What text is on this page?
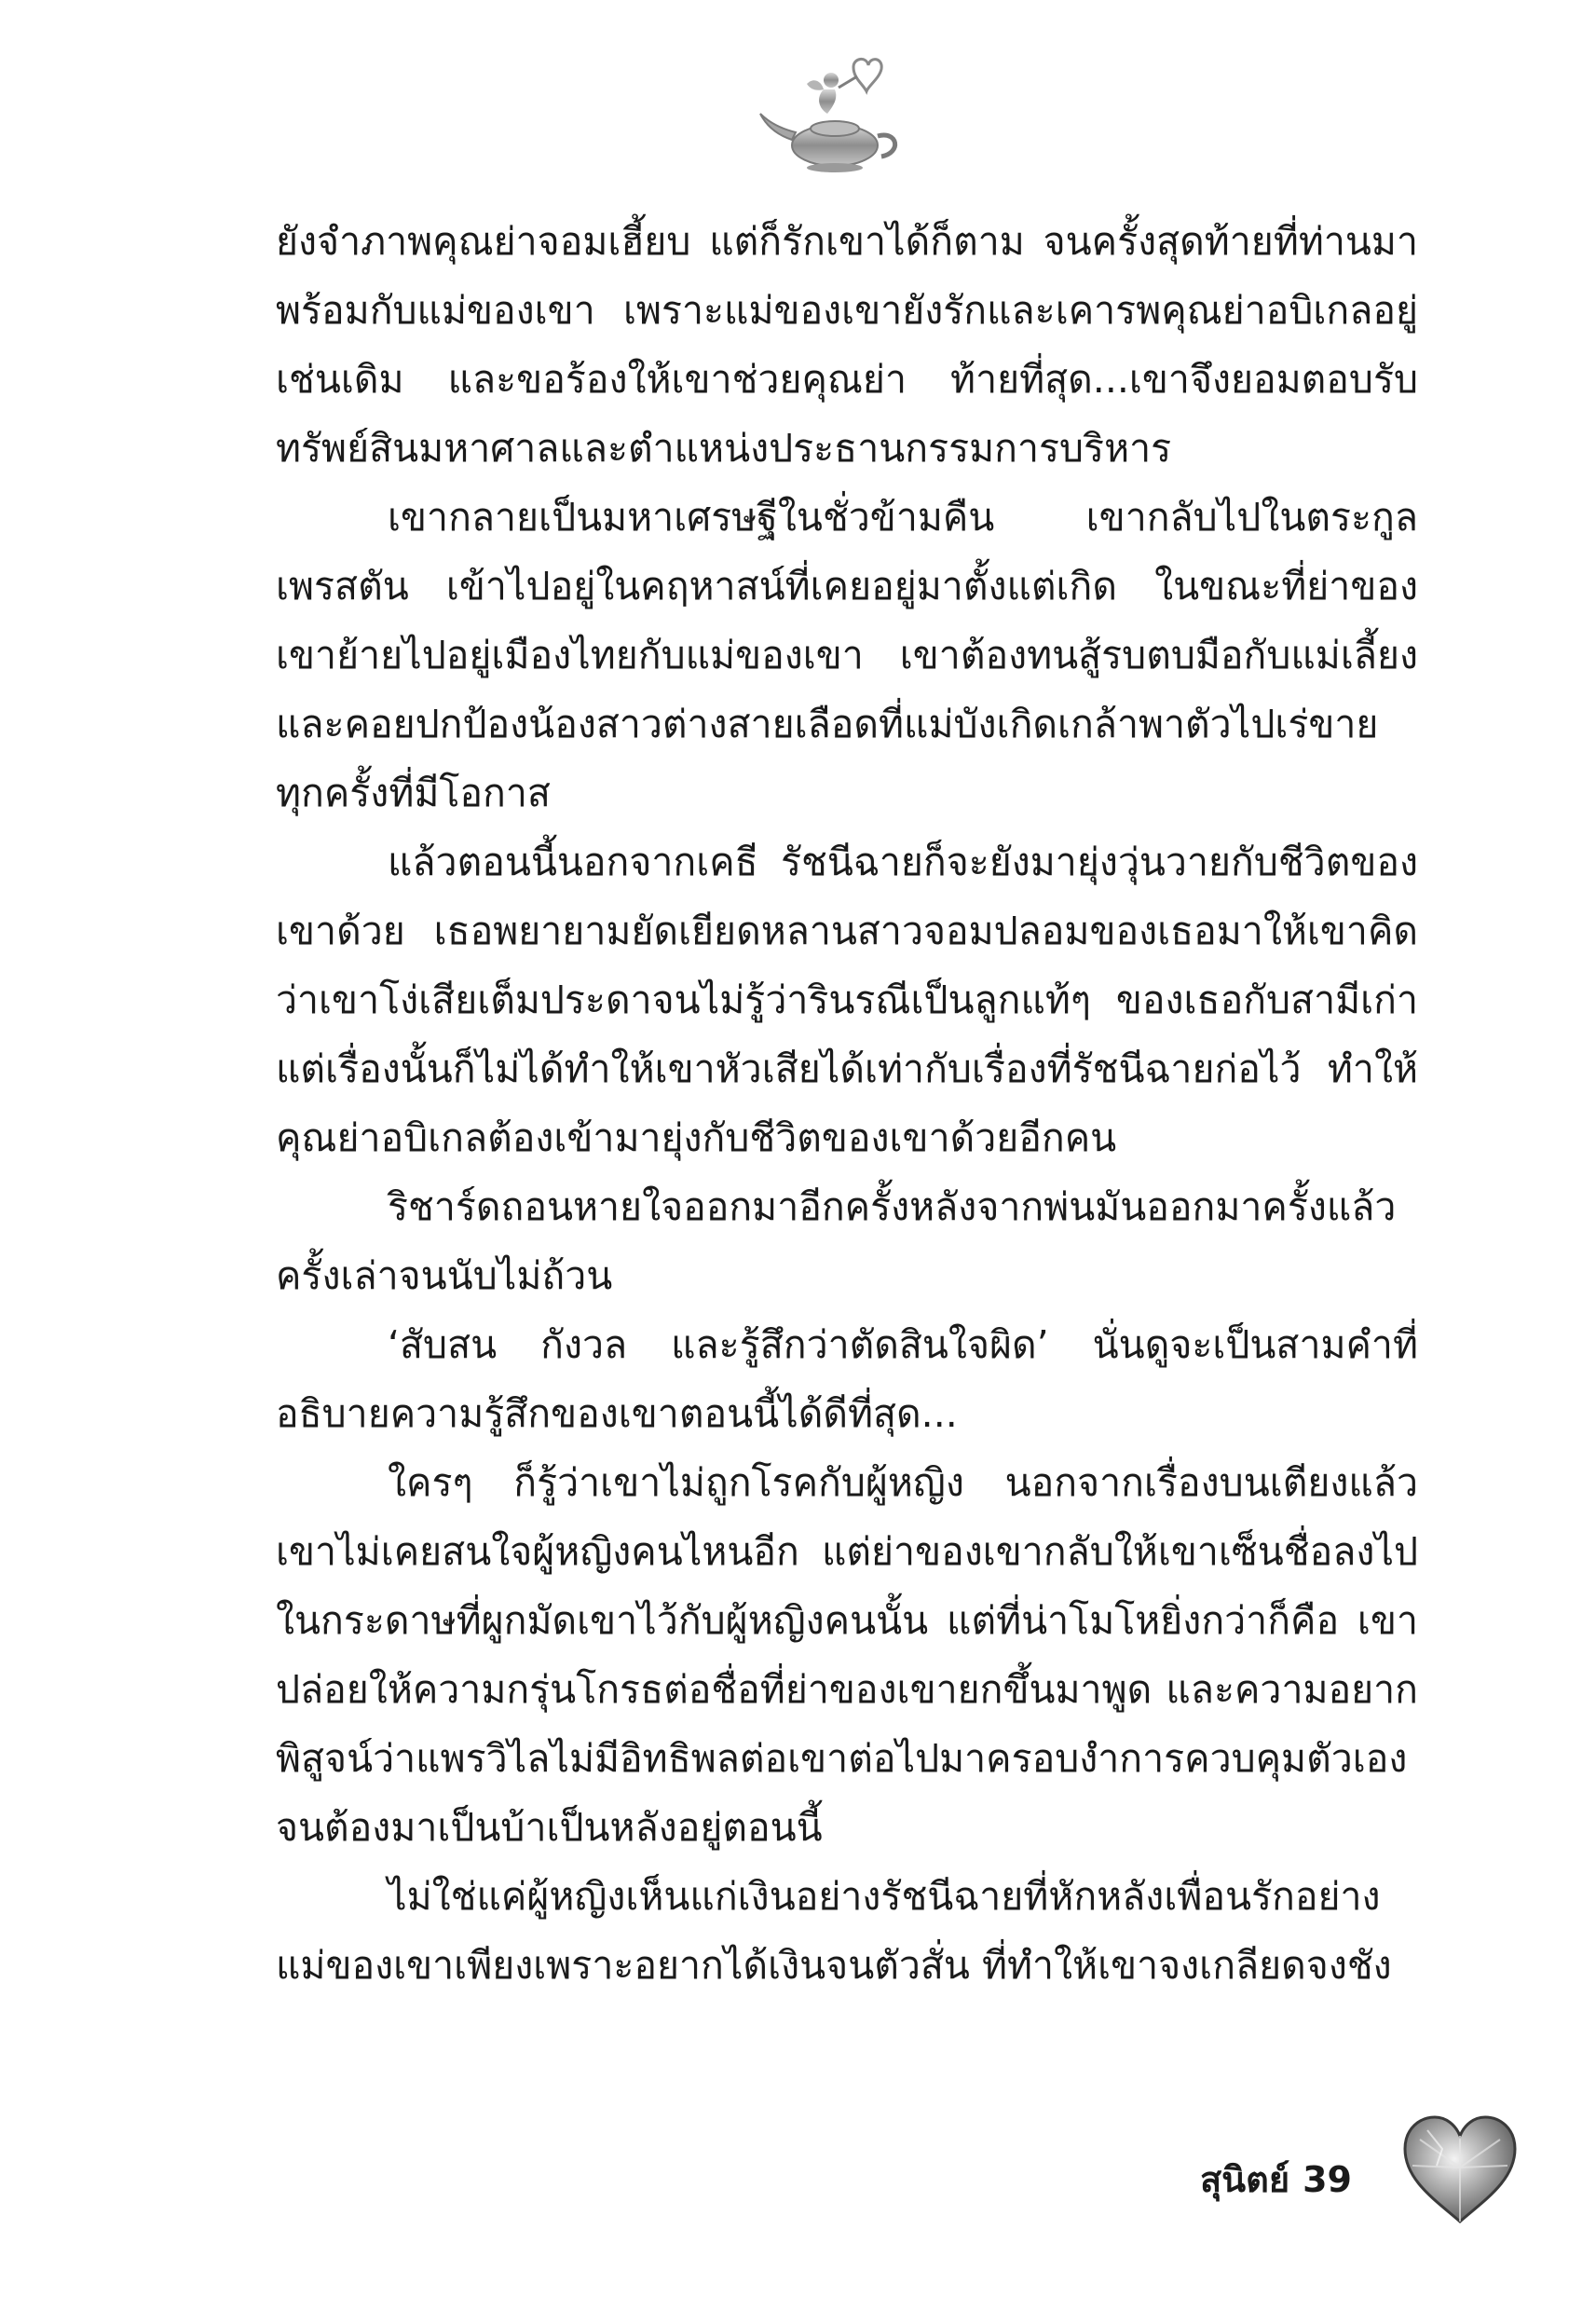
ยังจำภาพคุณย่าจอมเฮี้ยบ แต่ก็รักเขาได้ก็ตาม จนครั้งสุดท้ายที่ท่านมาพร้อมกับแม่ของเขา เพราะแม่ของเขายังรักและเคารพคุณย่าอบิเกลอยู่เช่นเดิม และขอร้องให้เขาช่วยคุณย่า ท้ายที่สุด...เขาจึงยอมตอบรับทรัพย์สินมหาศาลและตำแหน่งประธานกรรมการบริหาร

เขากลายเป็นมหาเศรษฐีในชั่วข้ามคืน เขากลับไปในตระกูลเพรสตัน เข้าไปอยู่ในคฤหาสน์ที่เคยอยู่มาตั้งแต่เกิด ในขณะที่ย่าของเขาย้ายไปอยู่เมืองไทยกับแม่ของเขา เขาต้องทนสู้รบตบมือกับแม่เลี้ยงและคอยปกป้องน้องสาวต่างสายเลือดที่แม่บังเกิดเกล้าพาตัวไปเร่ขายทุกครั้งที่มีโอกาส

แล้วตอนนี้นอกจากเคธี รัชนีฉายก็จะยังมายุ่งวุ่นวายกับชีวิตของเขาด้วย เธอพยายามยัดเยียดหลานสาวจอมปลอมของเธอมาให้เขาคิดว่าเขาโง่เสียเต็มประดาจนไม่รู้ว่ารินรณีเป็นลูกแท้ๆ ของเธอกับสามีเก่าแต่เรื่องนั้นก็ไม่ได้ทำให้เขาหัวเสียได้เท่ากับเรื่องที่รัชนีฉายก่อไว้ ทำให้คุณย่าอบิเกลต้องเข้ามายุ่งกับชีวิตของเขาด้วยอีกคน

ริชาร์ดถอนหายใจออกมาอีกครั้งหลังจากพ่นมันออกมาครั้งแล้วครั้งเล่าจนนับไม่ถ้วน

‘สับสน กังวล และรู้สึกว่าตัดสินใจผิด’ นั่นดูจะเป็นสามคำที่อธิบายความรู้สึกของเขาตอนนี้ได้ดีที่สุด...

ใครๆ ก็รู้ว่าเขาไม่ถูกโรคกับผู้หญิง นอกจากเรื่องบนเตียงแล้วเขาไม่เคยสนใจผู้หญิงคนไหนอีก แต่ย่าของเขากลับให้เขาเซ็นชื่อลงไปในกระดาษที่ผูกมัดเขาไว้กับผู้หญิงคนนั้น แต่ที่น่าโมโหยิ่งกว่าก็คือ เขาปล่อยให้ความกรุ่นโกรธต่อชื่อที่ย่าของเขายกขึ้นมาพูด และความอยากพิสูจน์ว่าแพรวิไลไม่มีอิทธิพลต่อเขาต่อไปมาครอบงำการควบคุมตัวเองจนต้องมาเป็นบ้าเป็นหลังอยู่ตอนนี้

ไม่ใช่แค่ผู้หญิงเห็นแก่เงินอย่างรัชนีฉายที่หักหลังเพื่อนรักอย่างแม่ของเขาเพียงเพราะอยากได้เงินจนตัวสั่น ที่ทำให้เขาจงเกลียดจงชัง

สุนิตย์ 39
